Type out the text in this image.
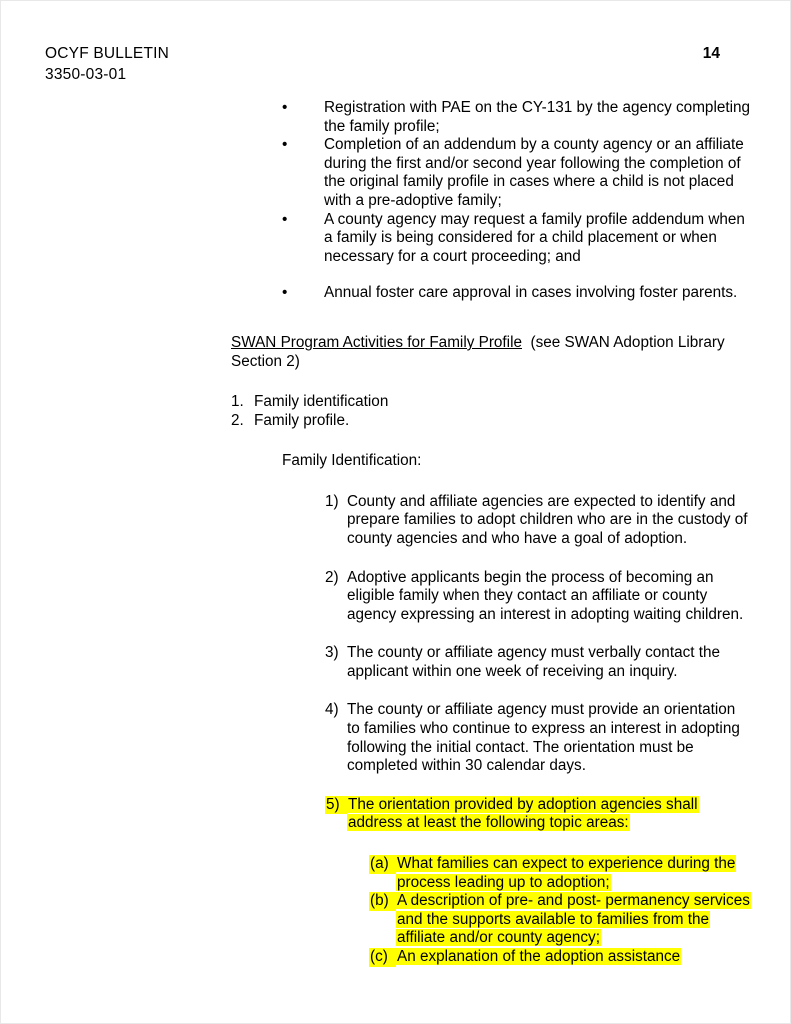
OCYF BULLETIN
3350-03-01
14
•	Registration with PAE on the CY-131 by the agency completing the family profile;
•	Completion of an addendum by a county agency or an affiliate during the first and/or second year following the completion of the original family profile in cases where a child is not placed with a pre-adoptive family;
•	A county agency may request a family profile addendum when a family is being considered for a child placement or when necessary for a court proceeding; and
•	Annual foster care approval in cases involving foster parents.

SWAN Program Activities for Family Profile  (see SWAN Adoption Library Section 2)

1. Family identification
2. Family profile.

Family Identification:

1) County and affiliate agencies are expected to identify and prepare families to adopt children who are in the custody of county agencies and who have a goal of adoption.
2) Adoptive applicants begin the process of becoming an eligible family when they contact an affiliate or county agency expressing an interest in adopting waiting children.
3) The county or affiliate agency must verbally contact the applicant within one week of receiving an inquiry.
4) The county or affiliate agency must provide an orientation to families who continue to express an interest in adopting following the initial contact. The orientation must be completed within 30 calendar days.
5) The orientation provided by adoption agencies shall address at least the following topic areas:
(a) What families can expect to experience during the process leading up to adoption;
(b) A description of pre- and post- permanency services and the supports available to families from the affiliate and/or county agency;
(c) An explanation of the adoption assistance
